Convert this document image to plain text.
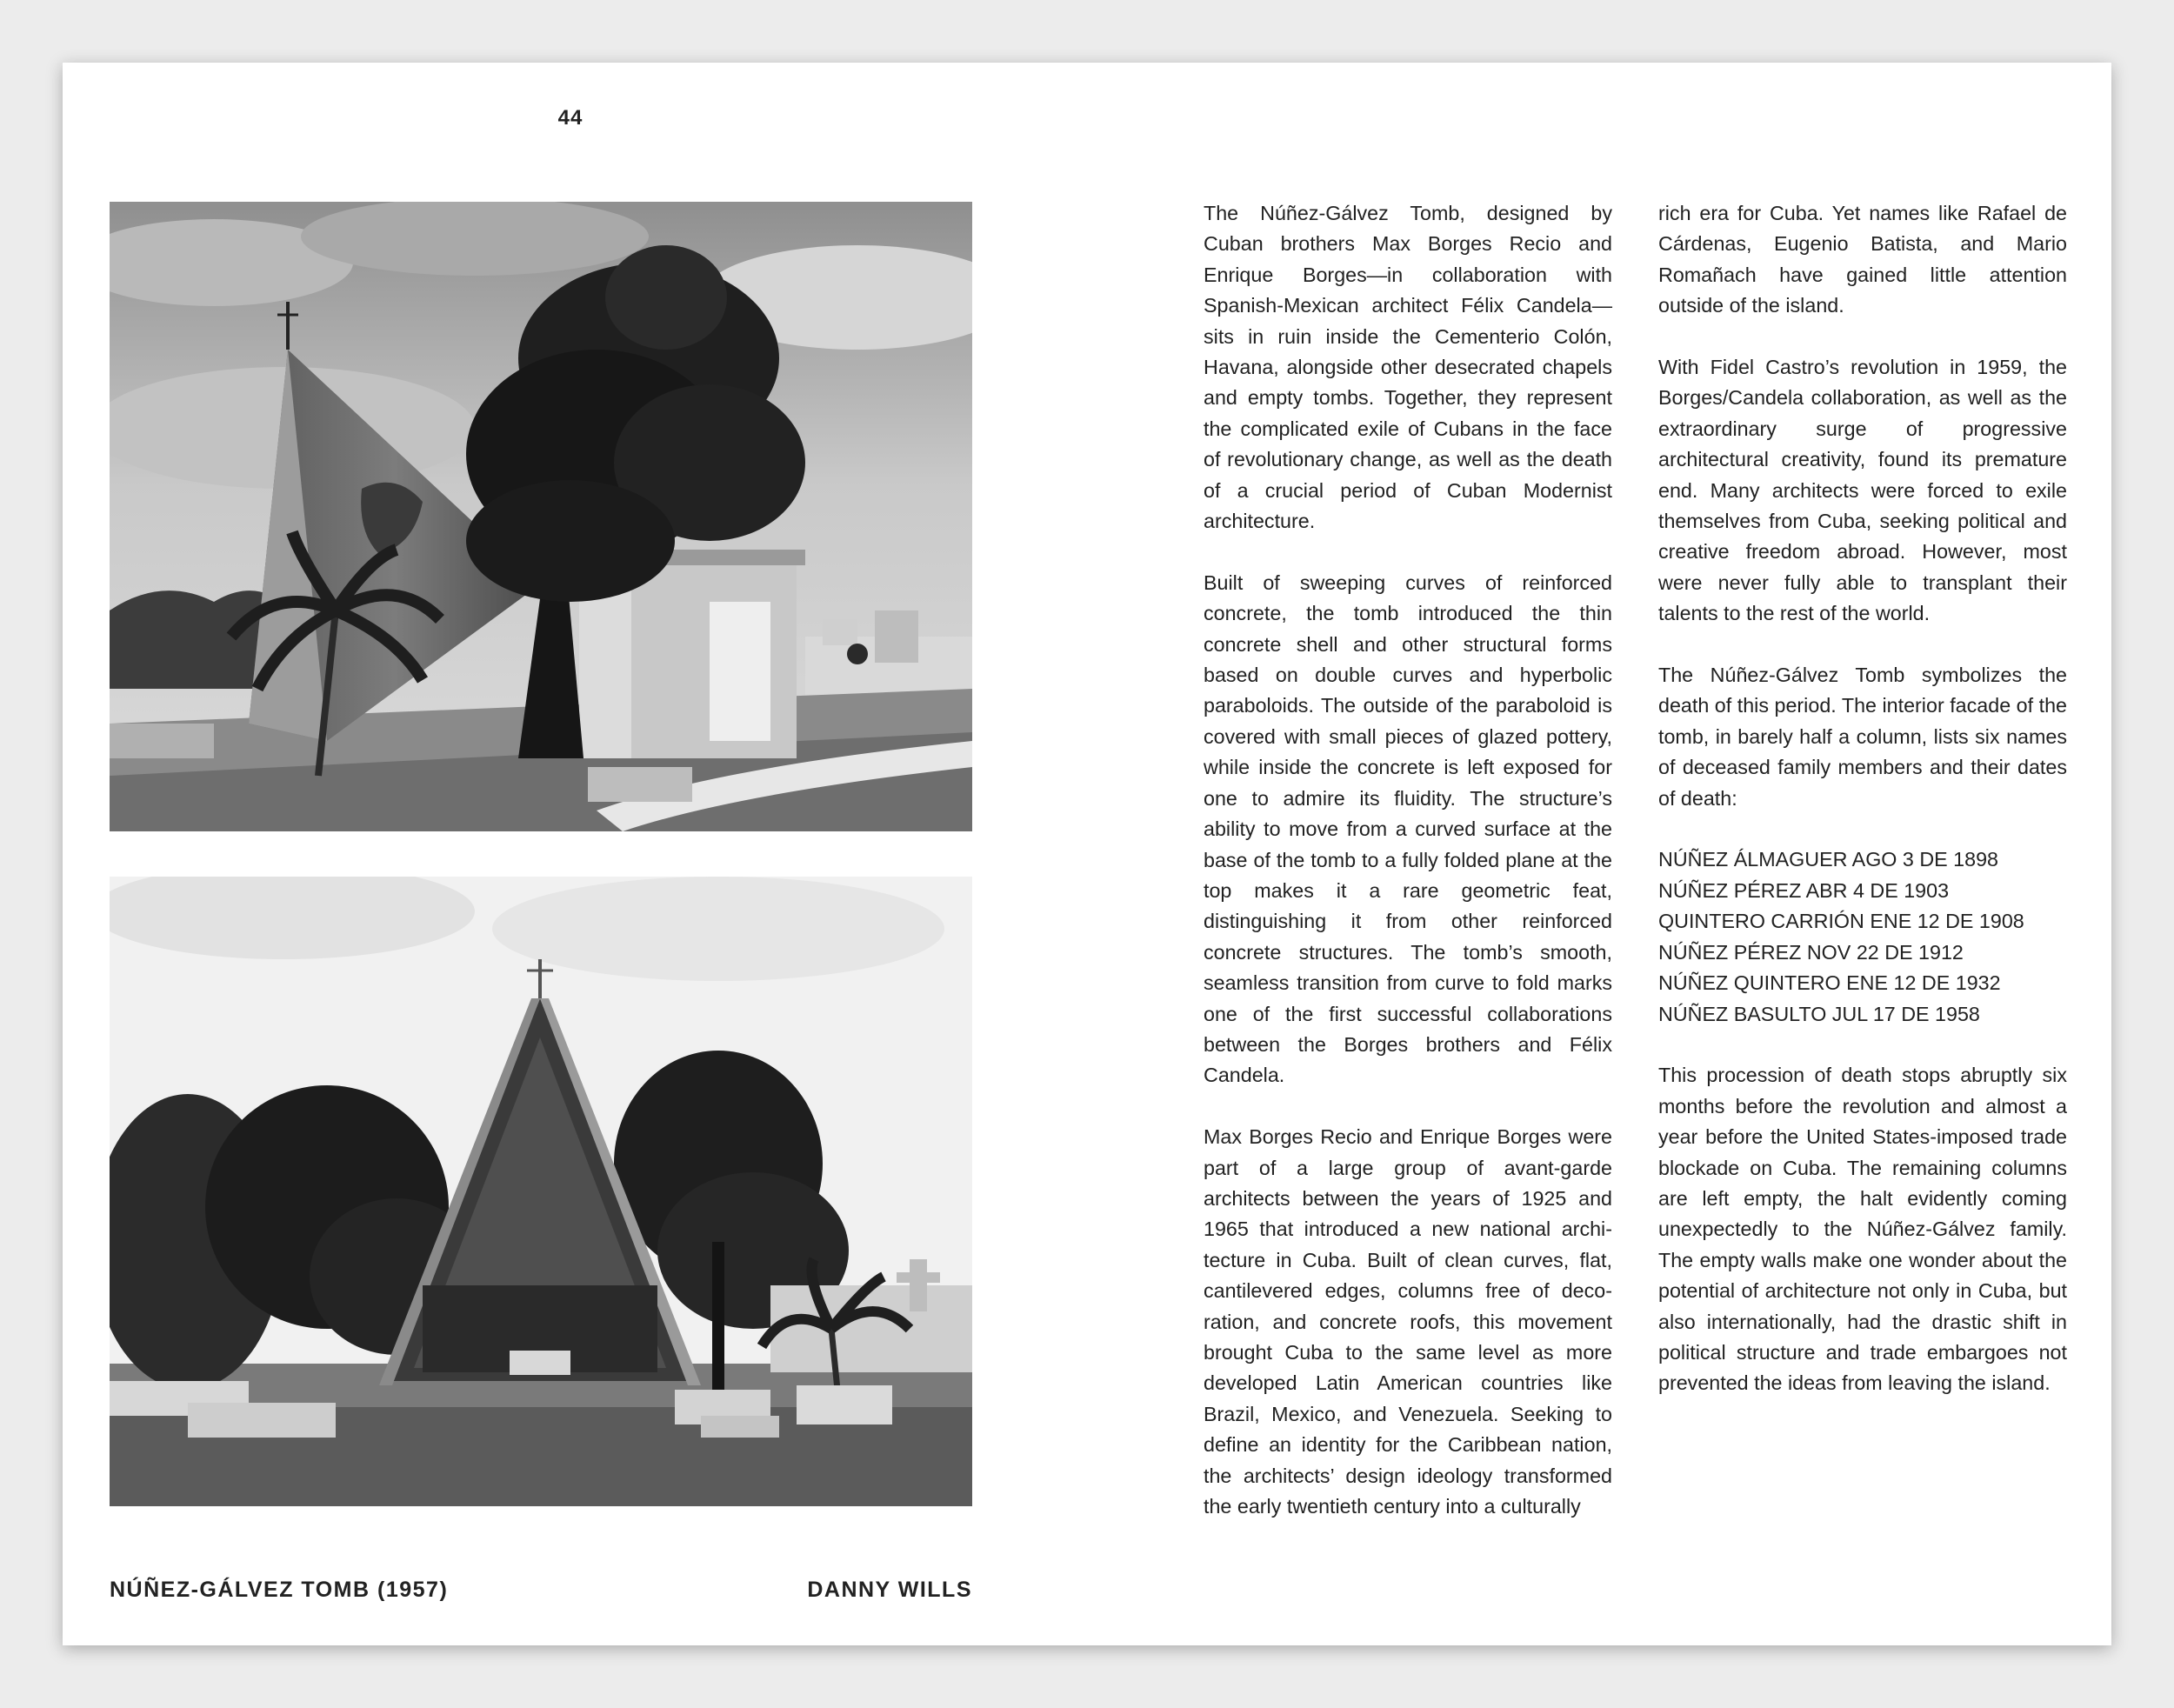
44
NÚÑEZ-GÁLVEZ TOMB (1957)	DANNY WILLS

The Núñez-Gálvez Tomb, designed by Cuban brothers Max Borges Recio and Enrique Borges—in collaboration with Spanish-Mexican architect Félix Candela—sits in ruin inside the Cementerio Colón, Havana, alongside other desecrated chapels and empty tombs. Together, they represent the complicated exile of Cubans in the face of revolutionary change, as well as the death of a crucial period of Cuban Modernist architecture.

Built of sweeping curves of reinforced concrete, the tomb introduced the thin concrete shell and other structural forms based on double curves and hyperbolic paraboloids. The outside of the paraboloid is covered with small pieces of glazed pottery, while inside the concrete is left exposed for one to admire its fluidity. The structure’s ability to move from a curved surface at the base of the tomb to a fully folded plane at the top makes it a rare geometric feat, distinguishing it from other reinforced concrete structures. The tomb’s smooth, seamless transition from curve to fold marks one of the first successful collaborations between the Borges brothers and Félix Candela.

Max Borges Recio and Enrique Borges were part of a large group of avant-garde architects between the years of 1925 and 1965 that introduced a new national architecture in Cuba. Built of clean curves, flat, cantilevered edges, columns free of decoration, and concrete roofs, this movement brought Cuba to the same level as more developed Latin American countries like Brazil, Mexico, and Venezuela. Seeking to define an identity for the Caribbean nation, the architects’ design ideology transformed the early twentieth century into a culturally

rich era for Cuba. Yet names like Rafael de Cárdenas, Eugenio Batista, and Mario Romañach have gained little attention outside of the island.

With Fidel Castro’s revolution in 1959, the Borges/Candela collaboration, as well as the extraordinary surge of progressive architectural creativity, found its premature end. Many architects were forced to exile themselves from Cuba, seeking political and creative freedom abroad. However, most were never fully able to transplant their talents to the rest of the world.

The Núñez-Gálvez Tomb symbolizes the death of this period. The interior facade of the tomb, in barely half a column, lists six names of deceased family members and their dates of death:

NÚÑEZ ÁLMAGUER AGO 3 DE 1898
NÚÑEZ PÉREZ ABR 4 DE 1903
QUINTERO CARRIÓN ENE 12 DE 1908
NÚÑEZ PÉREZ NOV 22 DE 1912
NÚÑEZ QUINTERO ENE 12 DE 1932
NÚÑEZ BASULTO JUL 17 DE 1958

This procession of death stops abruptly six months before the revolution and almost a year before the United States-imposed trade blockade on Cuba. The remaining columns are left empty, the halt evidently coming unexpectedly to the Núñez-Gálvez family. The empty walls make one wonder about the potential of architecture not only in Cuba, but also internationally, had the drastic shift in political structure and trade embargoes not prevented the ideas from leaving the island.
